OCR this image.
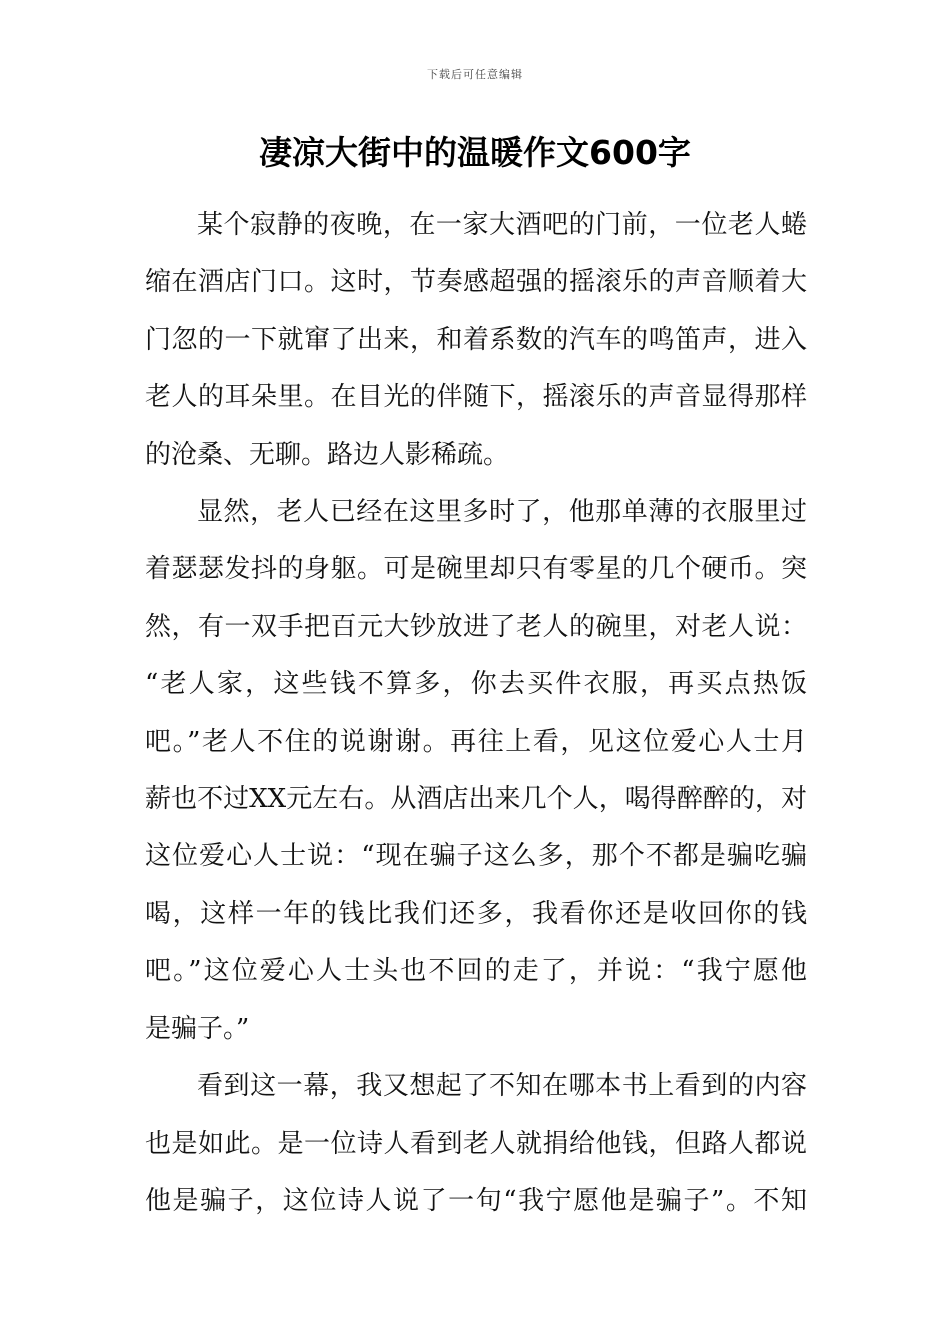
下载后可任意编辑
凄凉大街中的温暖作文600字
某个寂静的夜晚，在一家大酒吧的门前，一位老人蜷
缩在酒店门口。这时，节奏感超强的摇滚乐的声音顺着大
门忽的一下就窜了出来，和着系数的汽车的鸣笛声，进入
老人的耳朵里。在目光的伴随下，摇滚乐的声音显得那样
的沧桑、无聊。路边人影稀疏。
显然，老人已经在这里多时了，他那单薄的衣服里过
着瑟瑟发抖的身躯。可是碗里却只有零星的几个硬币。突
然，有一双手把百元大钞放进了老人的碗里，对老人说：
“老人家，这些钱不算多，你去买件衣服，再买点热饭
吧。”老人不住的说谢谢。再往上看，见这位爱心人士月
薪也不过XX元左右。从酒店出来几个人，喝得醉醉的，对
这位爱心人士说：“现在骗子这么多，那个不都是骗吃骗
喝，这样一年的钱比我们还多，我看你还是收回你的钱
吧。”这位爱心人士头也不回的走了，并说：“我宁愿他
是骗子。”
看到这一幕，我又想起了不知在哪本书上看到的内容
也是如此。是一位诗人看到老人就捐给他钱，但路人都说
他是骗子，这位诗人说了一句“我宁愿他是骗子”。不知
